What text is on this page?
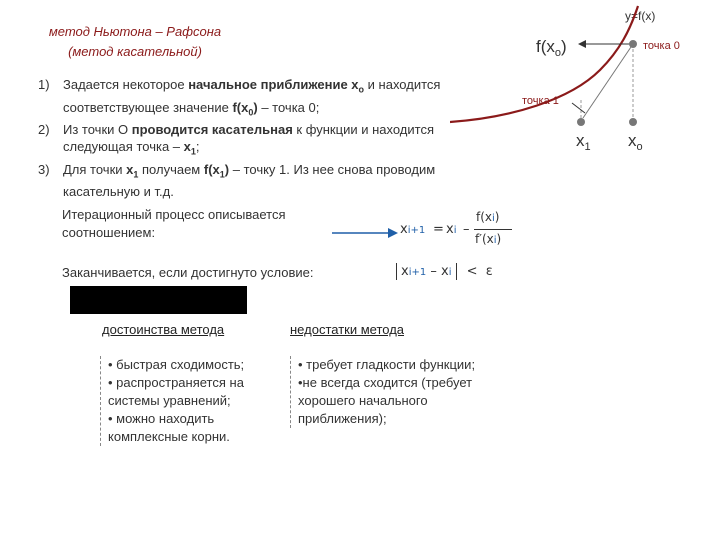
метод Ньютона – Рафсона
(метод касательной)
1)	Задается некоторое начальное приближение $x_o$ и находится соответствующее значение $f(x_0)$ – точка 0;
2)	Из точки О проводится касательная к функции и находится следующая точка – $x_1$;
3)	Для точки $x_1$ получаем $f(x_1)$ – точку 1. Из нее снова проводим касательную и т.д.
y=f(x)
точка 0
точка 1
$f(x_o)$
$x_1$ $x_o$
Итерационный процесс описывается соотношением:	xi+1 = xi –
f(xi)
f′(xi)
Заканчивается, если достигнуто условие:	xi+1 – xi < ε
достоинства метода
• быстрая сходимость;
• распространяется на системы уравнений;
• можно находить комплексные корни.
недостатки метода
• требует гладкости функции;
•не всегда сходится (требует хорошего начального приближения);
